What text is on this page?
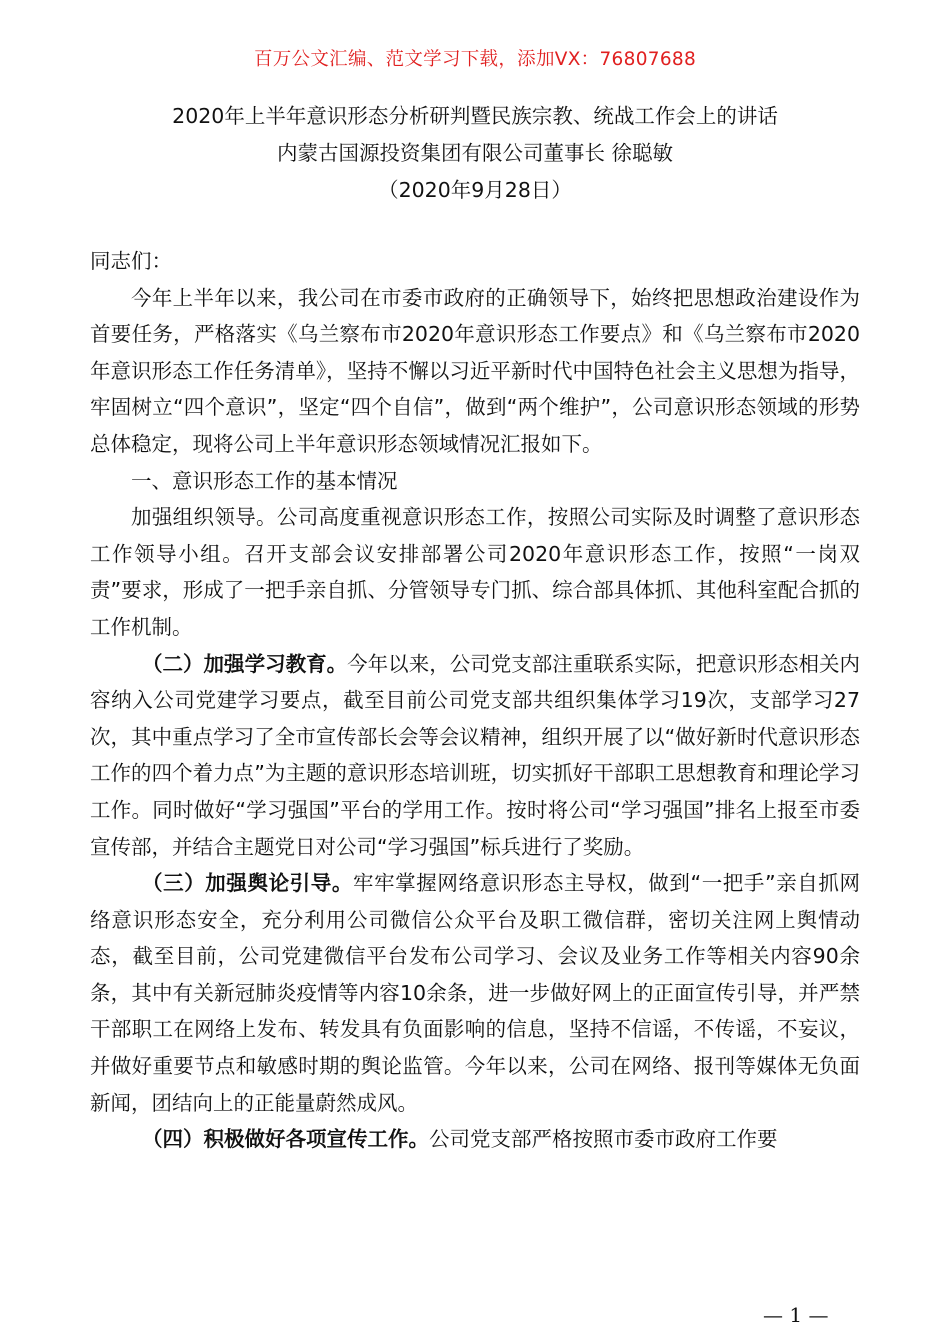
百万公文汇编、范文学习下载，添加VX：76807688
2020年上半年意识形态分析研判暨民族宗教、统战工作会上的讲话
内蒙古国源投资集团有限公司董事长 徐聪敏
（2020年9月28日）

同志们：

今年上半年以来，我公司在市委市政府的正确领导下，始终把思想政治建设作为首要任务，严格落实《乌兰察布市2020年意识形态工作要点》和《乌兰察布市2020年意识形态工作任务清单》，坚持不懈以习近平新时代中国特色社会主义思想为指导，牢固树立“四个意识”，坚定“四个自信”，做到“两个维护”，公司意识形态领域的形势总体稳定，现将公司上半年意识形态领域情况汇报如下。

一、意识形态工作的基本情况

加强组织领导。公司高度重视意识形态工作，按照公司实际及时调整了意识形态工作领导小组。召开支部会议安排部署公司2020年意识形态工作，按照“一岗双责”要求，形成了一把手亲自抓、分管领导专门抓、综合部具体抓、其他科室配合抓的工作机制。

（二）加强学习教育。今年以来，公司党支部注重联系实际，把意识形态相关内容纳入公司党建学习要点，截至目前公司党支部共组织集体学习19次，支部学习27次，其中重点学习了全市宣传部长会等会议精神，组织开展了以“做好新时代意识形态工作的四个着力点”为主题的意识形态培训班，切实抓好干部职工思想教育和理论学习工作。同时做好“学习强国”平台的学用工作。按时将公司“学习强国”排名上报至市委宣传部，并结合主题党日对公司“学习强国”标兵进行了奖励。

（三）加强舆论引导。牢牢掌握网络意识形态主导权，做到“一把手”亲自抓网络意识形态安全，充分利用公司微信公众平台及职工微信群，密切关注网上舆情动态，截至目前，公司党建微信平台发布公司学习、会议及业务工作等相关内容90余条，其中有关新冠肺炎疫情等内容10余条，进一步做好网上的正面宣传引导，并严禁干部职工在网络上发布、转发具有负面影响的信息，坚持不信谣，不传谣，不妄议，并做好重要节点和敏感时期的舆论监管。今年以来，公司在网络、报刊等媒体无负面新闻，团结向上的正能量蔚然成风。

（四）积极做好各项宣传工作。公司党支部严格按照市委市政府工作要

— 1 —
